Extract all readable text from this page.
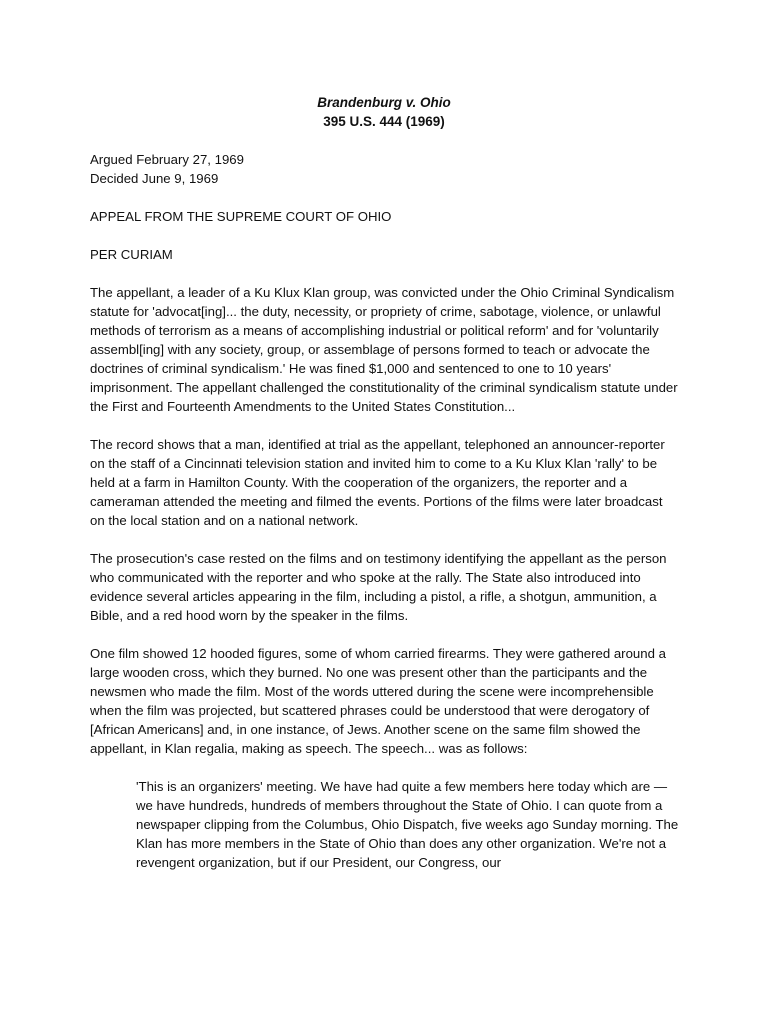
Brandenburg v. Ohio
395 U.S. 444 (1969)

Argued February 27, 1969

Decided June 9, 1969

APPEAL FROM THE SUPREME COURT OF OHIO

PER CURIAM

The appellant, a leader of a Ku Klux Klan group, was convicted under the Ohio Criminal Syndicalism statute for 'advocat[ing]... the duty, necessity, or propriety of crime, sabotage, violence, or unlawful methods of terrorism as a means of accomplishing industrial or political reform' and for 'voluntarily assembl[ing] with any society, group, or assemblage of persons formed to teach or advocate the doctrines of criminal syndicalism.' He was fined $1,000 and sentenced to one to 10 years' imprisonment. The appellant challenged the constitutionality of the criminal syndicalism statute under the First and Fourteenth Amendments to the United States Constitution...

The record shows that a man, identified at trial as the appellant, telephoned an announcer-reporter on the staff of a Cincinnati television station and invited him to come to a Ku Klux Klan 'rally' to be held at a farm in Hamilton County. With the cooperation of the organizers, the reporter and a cameraman attended the meeting and filmed the events. Portions of the films were later broadcast on the local station and on a national network.

The prosecution's case rested on the films and on testimony identifying the appellant as the person who communicated with the reporter and who spoke at the rally. The State also introduced into evidence several articles appearing in the film, including a pistol, a rifle, a shotgun, ammunition, a Bible, and a red hood worn by the speaker in the films.

One film showed 12 hooded figures, some of whom carried firearms. They were gathered around a large wooden cross, which they burned. No one was present other than the participants and the newsmen who made the film. Most of the words uttered during the scene were incomprehensible when the film was projected, but scattered phrases could be understood that were derogatory of [African Americans] and, in one instance, of Jews. Another scene on the same film showed the appellant, in Klan regalia, making as speech. The speech... was as follows:

'This is an organizers' meeting. We have had quite a few members here today which are —we have hundreds, hundreds of members throughout the State of Ohio. I can quote from a newspaper clipping from the Columbus, Ohio Dispatch, five weeks ago Sunday morning. The Klan has more members in the State of Ohio than does any other organization. We're not a revengent organization, but if our President, our Congress, our
